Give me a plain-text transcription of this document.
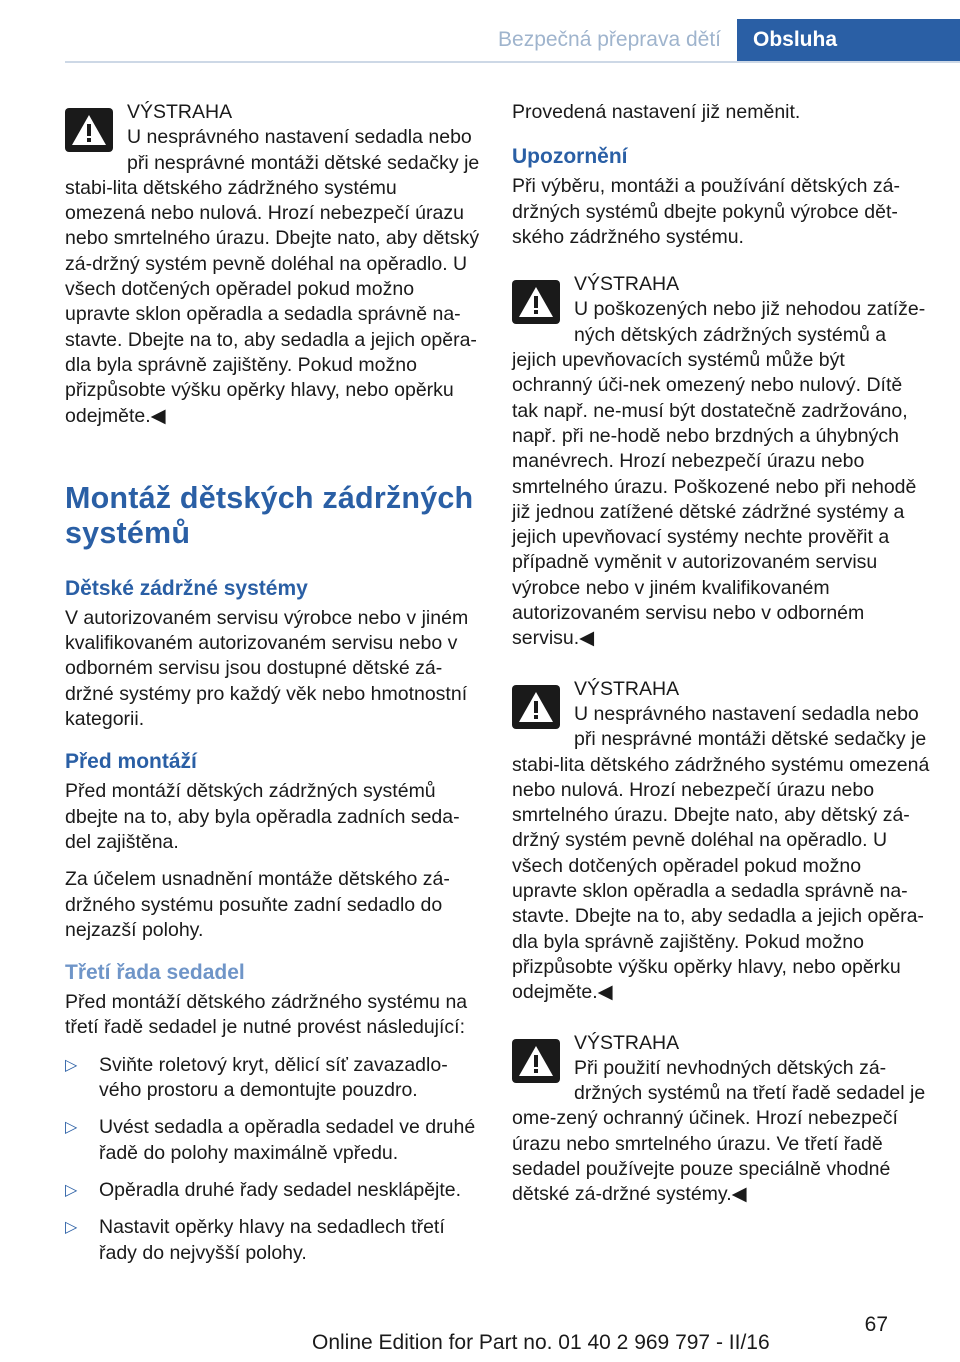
Bezpečná přeprava dětí	Obsluha
VÝSTRAHA
U nesprávného nastavení sedadla nebo při nesprávné montáži dětské sedačky je stabi‐lita dětského zádržného systému omezená nebo nulová. Hrozí nebezpečí úrazu nebo smrtelného úrazu. Dbejte nato, aby dětský zá‐držný systém pevně doléhal na opěradlo. U všech dotčených opěradel pokud možno upravte sklon opěradla a sedadla správně na‐stavte. Dbejte na to, aby sedadla a jejich opěra‐dla byla správně zajištěny. Pokud možno přizpůsobte výšku opěrky hlavy, nebo opěrku odejměte.◀
Montáž dětských zádržných systémů
Dětské zádržné systémy

V autorizovaném servisu výrobce nebo v jiném kvalifikovaném autorizovaném servisu nebo v odborném servisu jsou dostupné dětské zá‐držné systémy pro každý věk nebo hmotnostní kategorii.

Před montáží

Před montáží dětských zádržných systémů dbejte na to, aby byla opěradla zadních seda‐del zajištěna.

Za účelem usnadnění montáže dětského zá‐držného systému posuňte zadní sedadlo do nejzazší polohy.

Třetí řada sedadel

Před montáží dětského zádržného systému na třetí řadě sedadel je nutné provést následující:

▷ Sviňte roletový kryt, dělicí síť zavazadlo‐vého prostoru a demontujte pouzdro.
▷ Uvést sedadla a opěradla sedadel ve druhé řadě do polohy maximálně vpředu.
▷ Opěradla druhé řady sedadel nesklápějte.
▷ Nastavit opěrky hlavy na sedadlech třetí řady do nejvyšší polohy.

Provedená nastavení již neměnit.

Upozornění

Při výběru, montáži a používání dětských zá‐držných systémů dbejte pokynů výrobce dět‐ského zádržného systému.

VÝSTRAHA
U poškozených nebo již nehodou zatíže‐ných dětských zádržných systémů a jejich upevňovacích systémů může být ochranný úči‐nek omezený nebo nulový. Dítě tak např. ne‐musí být dostatečně zadržováno, např. při ne‐hodě nebo brzdných a úhybných manévrech. Hrozí nebezpečí úrazu nebo smrtelného úrazu. Poškozené nebo při nehodě již jednou zatížené dětské zádržné systémy a jejich upevňovací systémy nechte prověřit a případně vyměnit v autorizovaném servisu výrobce nebo v jiném kvalifikovaném autorizovaném servisu nebo v odborném servisu.◀
VÝSTRAHA
U nesprávného nastavení sedadla nebo při nesprávné montáži dětské sedačky je stabi‐lita dětského zádržného systému omezená nebo nulová. Hrozí nebezpečí úrazu nebo smrtelného úrazu. Dbejte nato, aby dětský zá‐držný systém pevně doléhal na opěradlo. U všech dotčených opěradel pokud možno upravte sklon opěradla a sedadla správně na‐stavte. Dbejte na to, aby sedadla a jejich opěra‐dla byla správně zajištěny. Pokud možno přizpůsobte výšku opěrky hlavy, nebo opěrku odejměte.◀
VÝSTRAHA
Při použití nevhodných dětských zá‐držných systémů na třetí řadě sedadel je ome‐zený ochranný účinek. Hrozí nebezpečí úrazu nebo smrtelného úrazu. Ve třetí řadě sedadel používejte pouze speciálně vhodné dětské zá‐držné systémy.◀
67
Online Edition for Part no. 01 40 2 969 797 - II/16
